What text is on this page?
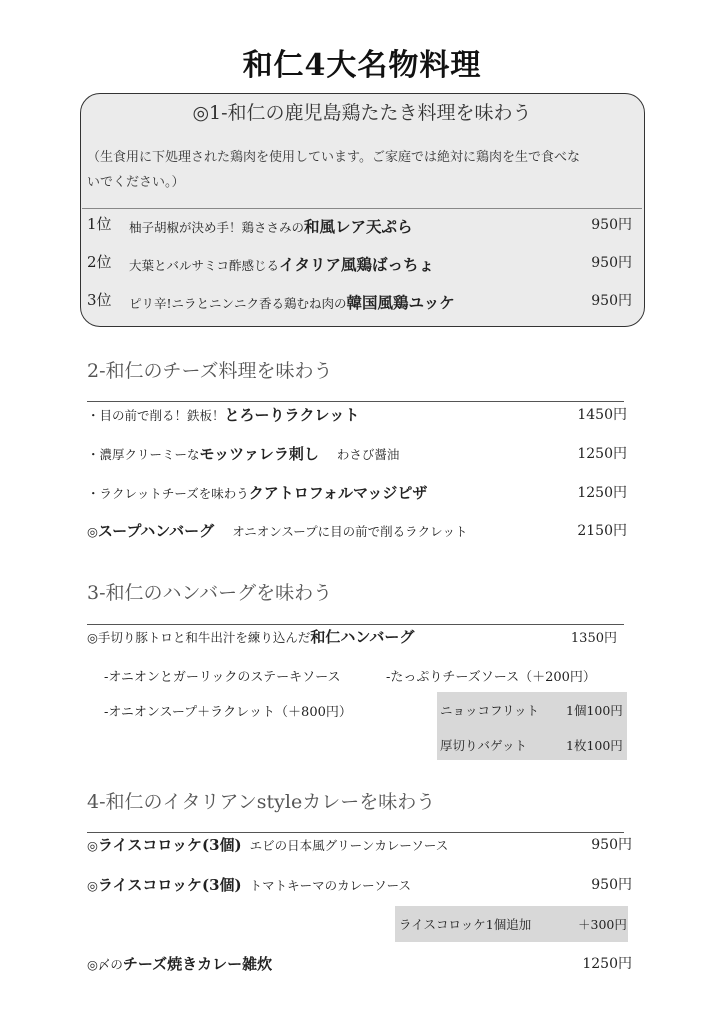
和仁4大名物料理
◎1-和仁の鹿児島鶏たたき料理を味わう
（生食用に下処理された鶏肉を使用しています。ご家庭では絶対に鶏肉を生で食べな
いでください。）
1位 柚子胡椒が決め手！鶏ささみの和風レア天ぷら	950円
2位 大葉とバルサミコ酢感じるイタリア風鶏ばっちょ	950円
3位 ピリ辛!ニラとニンニク香る鶏むね肉の韓国風鶏ユッケ	950円
2-和仁のチーズ料理を味わう
・目の前で削る！鉄板！とろーりラクレット	1450円
・濃厚クリーミーなモッツァレラ刺し わさび醤油	1250円
・ラクレットチーズを味わうクアトロフォルマッジピザ	1250円
◎スープハンバーグ オニオンスープに目の前で削るラクレット	2150円
3-和仁のハンバーグを味わう
◎手切り豚トロと和牛出汁を練り込んだ和仁ハンバーグ	1350円
-オニオンとガーリックのステーキソース	-たっぷりチーズソース（＋200円）
-オニオンスープ＋ラクレット（＋800円）	ニョッコフリット 1個100円
厚切りバゲット	1枚100円
4-和仁のイタリアンstyleカレーを味わう
◎ライスコロッケ(3個) エビの日本風グリーンカレーソース	950円
◎ライスコロッケ(3個) トマトキーマのカレーソース	950円
ライスコロッケ1個追加	＋300円
◎〆のチーズ焼きカレー雑炊	1250円
